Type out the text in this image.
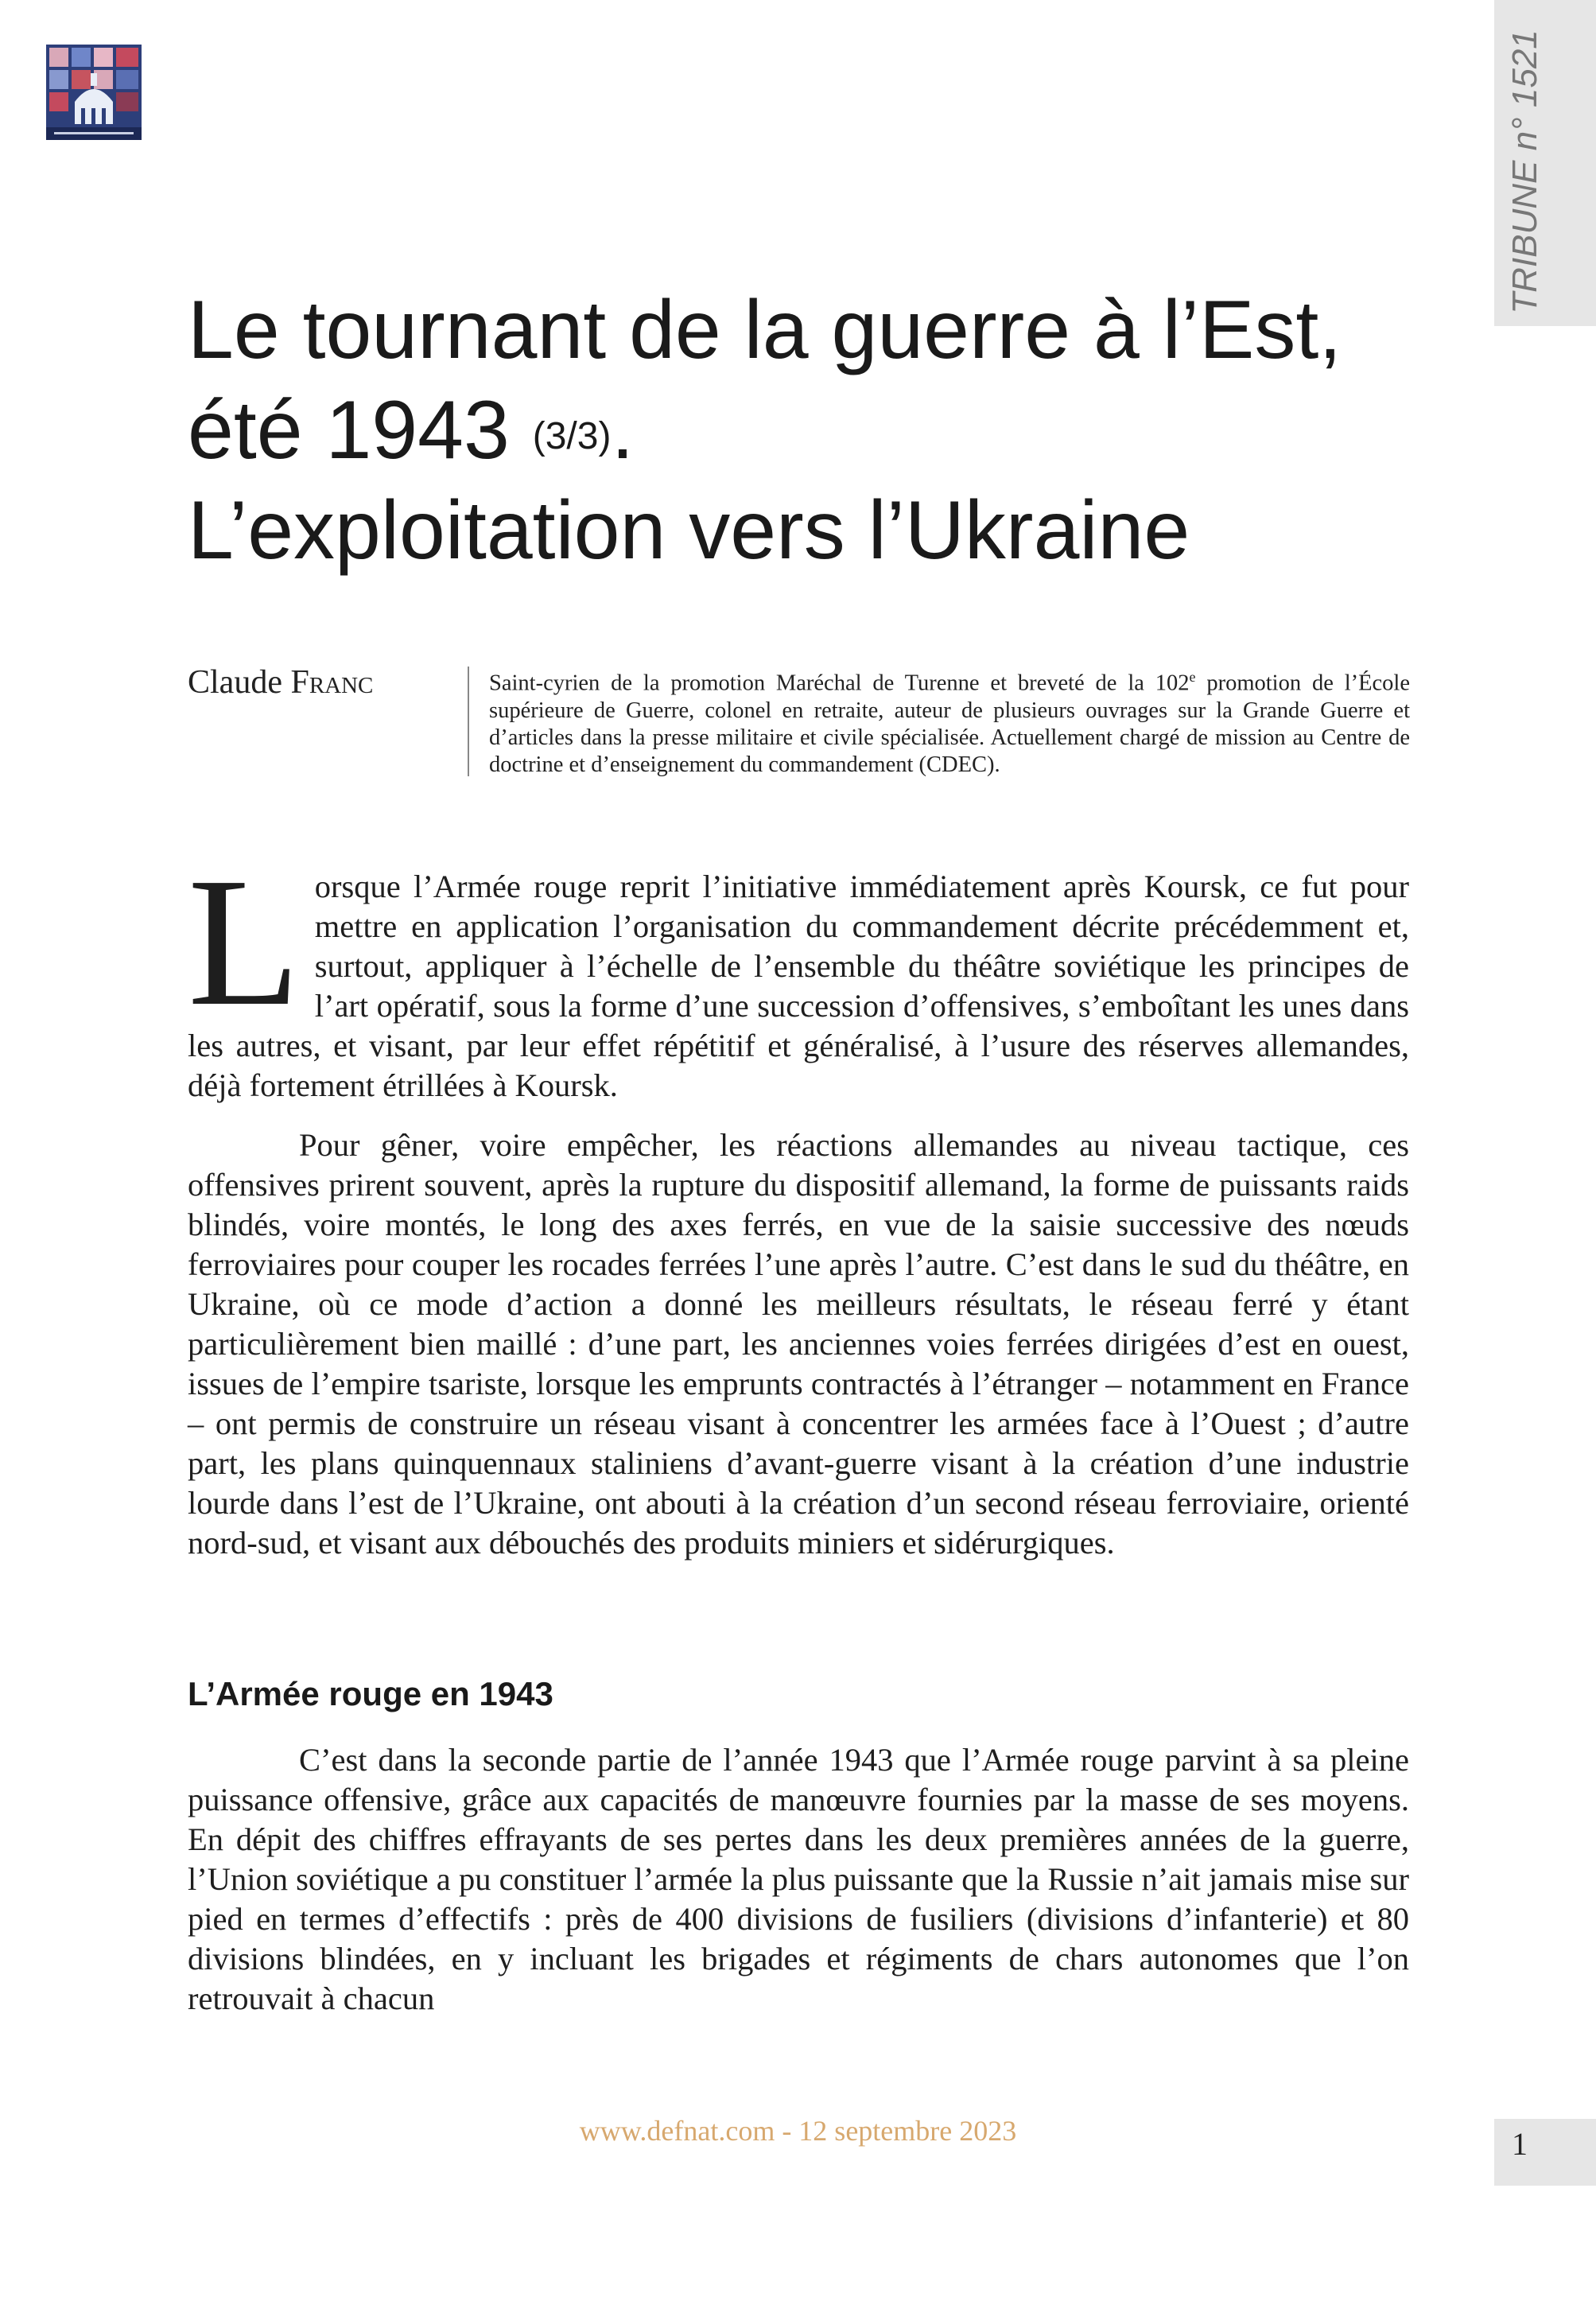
TRIBUNE n° 1521
Le tournant de la guerre à l’Est,
été 1943 $^{(3/3)}$.
L’exploitation vers l’Ukraine
Claude Franc	Saint-cyrien de la promotion Maréchal de Turenne et breveté de la 102e promotion de l’École supérieure de Guerre, colonel en retraite, auteur de plusieurs ouvrages sur la Grande Guerre et d’articles dans la presse militaire et civile spécialisée. Actuellement chargé de mission au Centre de doctrine et d’enseignement du commandement (CDEC).

Lorsque l’Armée rouge reprit l’initiative immédiatement après Koursk, ce fut pour mettre en application l’organisation du commandement décrite précédemment et, surtout, appliquer à l’échelle de l’ensemble du théâtre soviétique les principes de l’art opératif, sous la forme d’une succession d’offensives, s’emboîtant les unes dans les autres, et visant, par leur effet répétitif et généralisé, à l’usure des réserves allemandes, déjà fortement étrillées à Koursk.

Pour gêner, voire empêcher, les réactions allemandes au niveau tactique, ces offensives prirent souvent, après la rupture du dispositif allemand, la forme de puissants raids blindés, voire montés, le long des axes ferrés, en vue de la saisie successive des nœuds ferroviaires pour couper les rocades ferrées l’une après l’autre. C’est dans le sud du théâtre, en Ukraine, où ce mode d’action a donné les meilleurs résultats, le réseau ferré y étant particulièrement bien maillé : d’une part, les anciennes voies ferrées dirigées d’est en ouest, issues de l’empire tsariste, lorsque les emprunts contractés à l’étranger – notamment en France – ont permis de construire un réseau visant à concentrer les armées face à l’Ouest ; d’autre part, les plans quinquennaux staliniens d’avant-guerre visant à la création d’une industrie lourde dans l’est de l’Ukraine, ont abouti à la création d’un second réseau ferroviaire, orienté nord-sud, et visant aux débouchés des produits miniers et sidérurgiques.

L’Armée rouge en 1943

C’est dans la seconde partie de l’année 1943 que l’Armée rouge parvint à sa pleine puissance offensive, grâce aux capacités de manœuvre fournies par la masse de ses moyens. En dépit des chiffres effrayants de ses pertes dans les deux premières années de la guerre, l’Union soviétique a pu constituer l’armée la plus puissante que la Russie n’ait jamais mise sur pied en termes d’effectifs : près de 400 divisions de fusiliers (divisions d’infanterie) et 80 divisions blindées, en y incluant les brigades et régiments de chars autonomes que l’on retrouvait à chacun

www.defnat.com - 12 septembre 2023	1
